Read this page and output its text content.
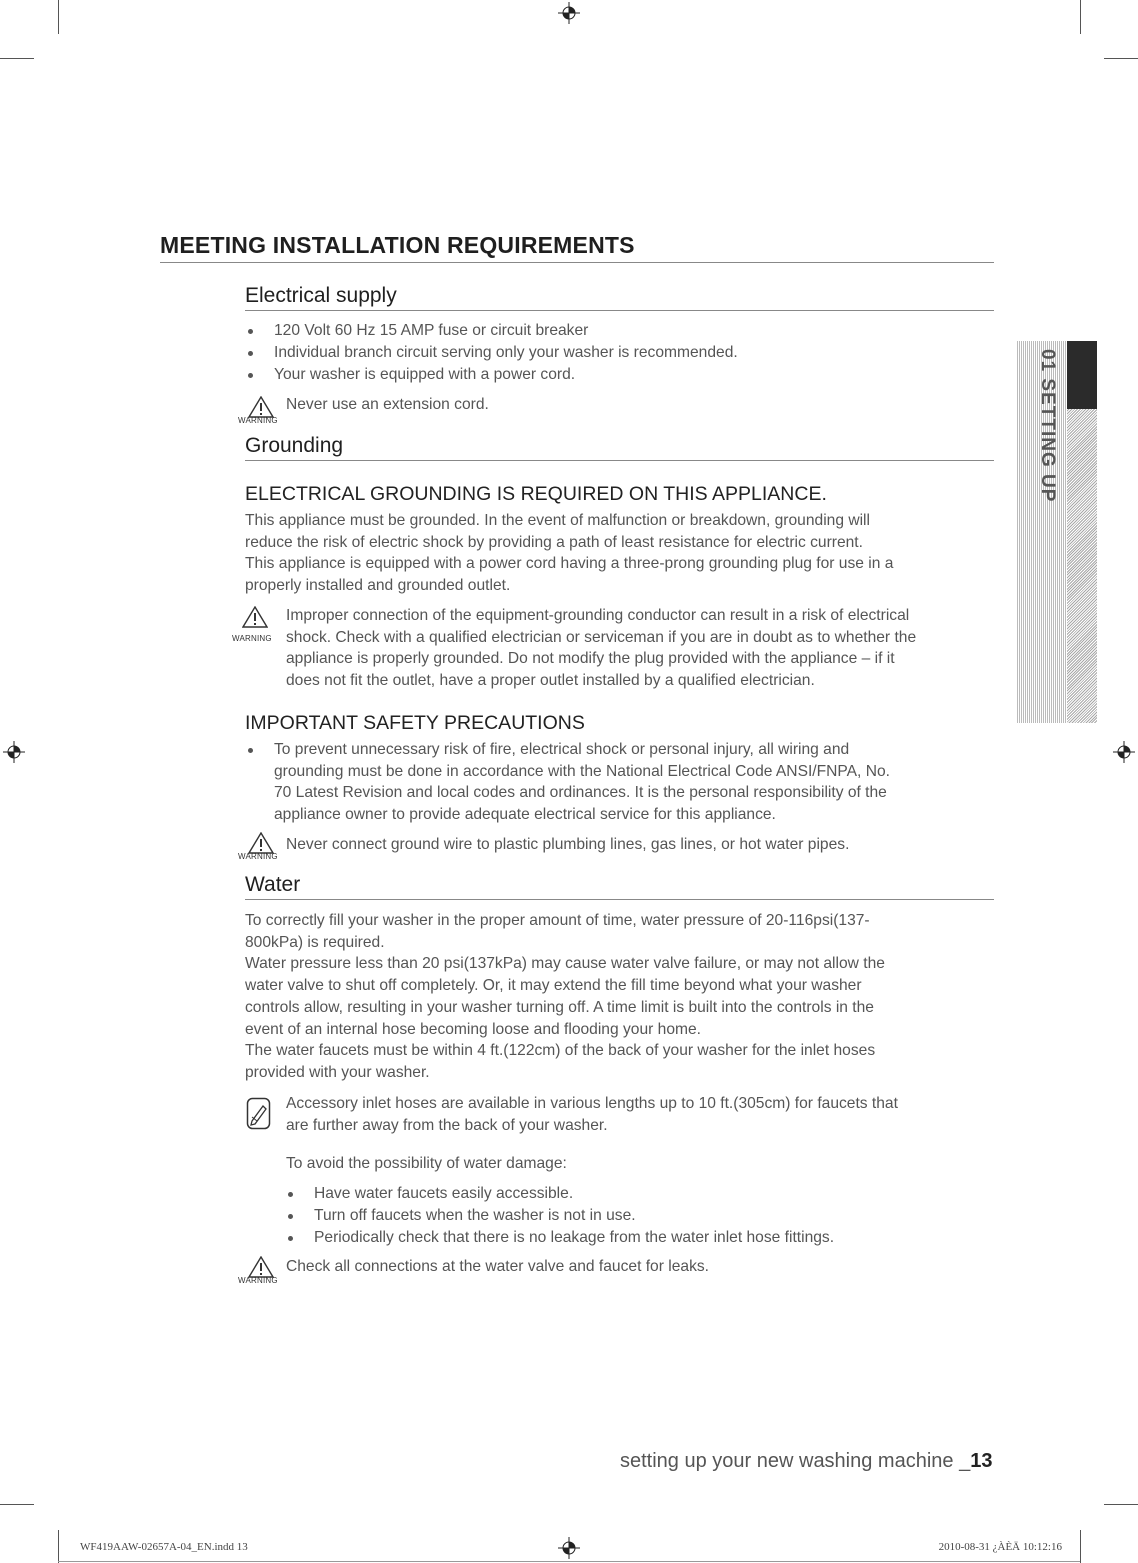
MEETING INSTALLATION REQUIREMENTS
Electrical supply
120 Volt 60 Hz 15 AMP fuse or circuit breaker
Individual branch circuit serving only your washer is recommended.
Your washer is equipped with a power cord.
WARNING
Never use an extension cord.
Grounding
ELECTRICAL GROUNDING IS REQUIRED ON THIS APPLIANCE.
This appliance must be grounded. In the event of malfunction or breakdown, grounding will
reduce the risk of electric shock by providing a path of least resistance for electric current.
This appliance is equipped with a power cord having a three-prong grounding plug for use in a
properly installed and grounded outlet.
WARNING
Improper connection of the equipment-grounding conductor can result in a risk of electrical
shock. Check with a qualified electrician or serviceman if you are in doubt as to whether the
appliance is properly grounded. Do not modify the plug provided with the appliance – if it
does not fit the outlet, have a proper outlet installed by a qualified electrician.
IMPORTANT SAFETY PRECAUTIONS
To prevent unnecessary risk of fire, electrical shock or personal injury, all wiring and
grounding must be done in accordance with the National Electrical Code ANSI/FNPA, No.
70 Latest Revision and local codes and ordinances. It is the personal responsibility of the
appliance owner to provide adequate electrical service for this appliance.
WARNING
Never connect ground wire to plastic plumbing lines, gas lines, or hot water pipes.
Water
To correctly fill your washer in the proper amount of time, water pressure of 20-116psi(137-
800kPa) is required.
Water pressure less than 20 psi(137kPa) may cause water valve failure, or may not allow the
water valve to shut off completely. Or, it may extend the fill time beyond what your washer
controls allow, resulting in your washer turning off. A time limit is built into the controls in the
event of an internal hose becoming loose and flooding your home.
The water faucets must be within 4 ft.(122cm) of the back of your washer for the inlet hoses
provided with your washer.
Accessory inlet hoses are available in various lengths up to 10 ft.(305cm) for faucets that
are further away from the back of your washer.
To avoid the possibility of water damage:
Have water faucets easily accessible.
Turn off faucets when the washer is not in use.
Periodically check that there is no leakage from the water inlet hose fittings.
WARNING
Check all connections at the water valve and faucet for leaks.
01 SETTING UP
setting up your new washing machine _13
WF419AAW-02657A-04_EN.indd 13	2010-08-31 ¿ÀÈÄ 10:12:16
